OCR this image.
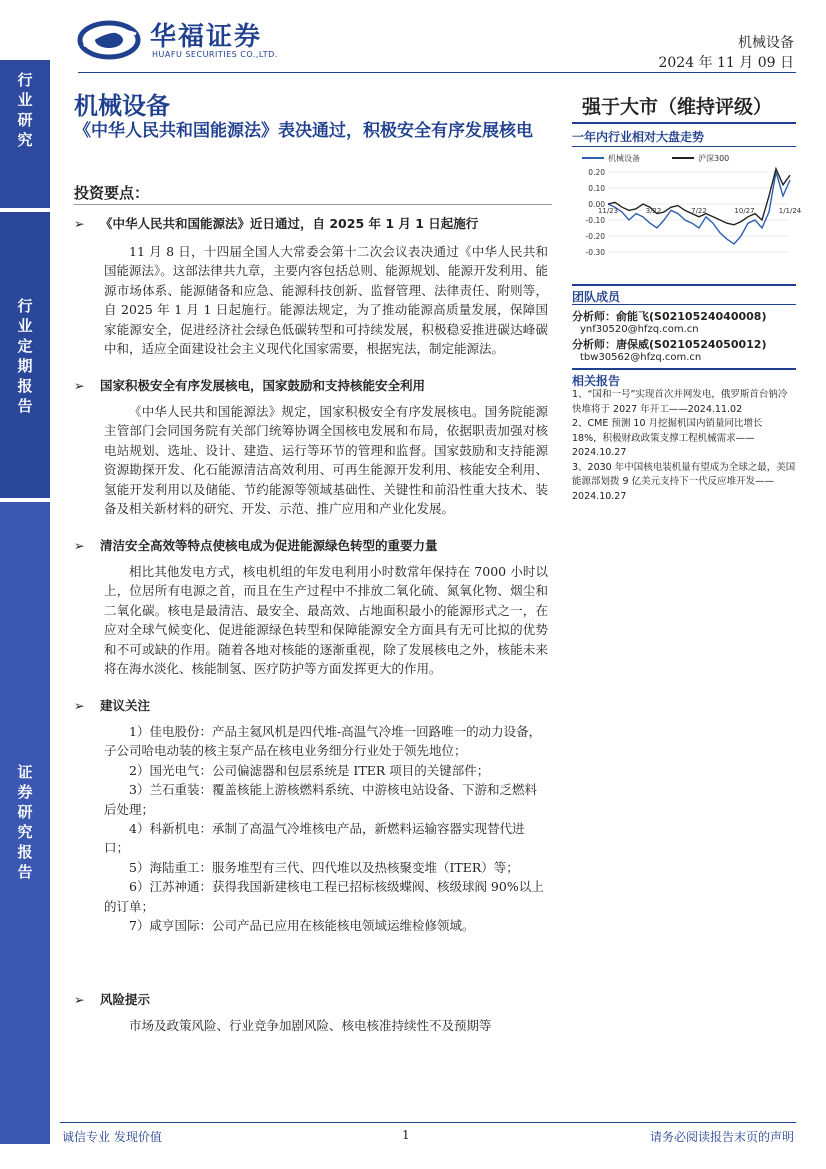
华福证券
HUAFU SECURITIES CO.,LTD.
机械设备
2024 年 11 月 09 日
行业研究
行业定期报告
证券研究报告
机械设备
《中华人民共和国能源法》表决通过，积极安全有序发展核电
投资要点：
➢ 《中华人民共和国能源法》近日通过，自 2025 年 1 月 1 日起施行

11 月 8 日，十四届全国人大常委会第十二次会议表决通过《中华人民共和国能源法》。这部法律共九章，主要内容包括总则、能源规划、能源开发利用、能源市场体系、能源储备和应急、能源科技创新、监督管理、法律责任、附则等，自 2025 年 1 月 1 日起施行。能源法规定，为了推动能源高质量发展，保障国家能源安全，促进经济社会绿色低碳转型和可持续发展，积极稳妥推进碳达峰碳中和，适应全面建设社会主义现代化国家需要，根据宪法，制定能源法。

➢ 国家积极安全有序发展核电，国家鼓励和支持核能安全利用

《中华人民共和国能源法》规定，国家积极安全有序发展核电。国务院能源主管部门会同国务院有关部门统筹协调全国核电发展和布局，依据职责加强对核电站规划、选址、设计、建造、运行等环节的管理和监督。国家鼓励和支持能源资源勘探开发、化石能源清洁高效利用、可再生能源开发利用、核能安全利用、氢能开发利用以及储能、节约能源等领域基础性、关键性和前沿性重大技术、装备及相关新材料的研究、开发、示范、推广应用和产业化发展。

➢ 清洁安全高效等特点使核电成为促进能源绿色转型的重要力量

相比其他发电方式，核电机组的年发电利用小时数常年保持在 7000 小时以上，位居所有电源之首，而且在生产过程中不排放二氧化硫、氮氧化物、烟尘和二氧化碳。核电是最清洁、最安全、最高效、占地面积最小的能源形式之一，在应对全球气候变化、促进能源绿色转型和保障能源安全方面具有无可比拟的优势和不可或缺的作用。随着各地对核能的逐渐重视，除了发展核电之外，核能未来将在海水淡化、核能制氢、医疗防护等方面发挥更大的作用。

➢ 建议关注
1）佳电股份：产品主氦风机是四代堆-高温气冷堆一回路唯一的动力设备，子公司哈电动装的核主泵产品在核电业务细分行业处于领先地位；
2）国光电气：公司偏滤器和包层系统是 ITER 项目的关键部件；
3）兰石重装：覆盖核能上游核燃料系统、中游核电站设备、下游和乏燃料后处理；
4）科新机电：承制了高温气冷堆核电产品，新燃料运输容器实现替代进口；
5）海陆重工：服务堆型有三代、四代堆以及热核聚变堆（ITER）等；
6）江苏神通：获得我国新建核电工程已招标核级蝶阀、核级球阀 90%以上的订单；
7）咸亨国际：公司产品已应用在核能核电领域运维检修领域。
➢ 风险提示

市场及政策风险、行业竞争加剧风险、核电核准持续性不及预期等

强于大市（维持评级）
一年内行业相对大盘走势
机械设备	沪深300
0.20
0.10
0.00
-0.10
-0.20
-0.30
11/23	3/22	7/22	10/27	1/1/24
团队成员
分析师：俞能飞(S0210524040008)
ynf30520@hfzq.com.cn
分析师：唐保威(S0210524050012)
tbw30562@hfzq.com.cn
相关报告
1、“国和一号”实现首次并网发电，俄罗斯首台钠冷快堆将于 2027 年开工——2024.11.02
2、CME 预测 10 月挖掘机国内销量同比增长 18%，积极财政政策支撑工程机械需求——2024.10.27
3、2030 年中国核电装机量有望成为全球之最，美国能源部划拨 9 亿美元支持下一代反应堆开发——2024.10.27
诚信专业 发现价值	1	请务必阅读报告末页的声明
